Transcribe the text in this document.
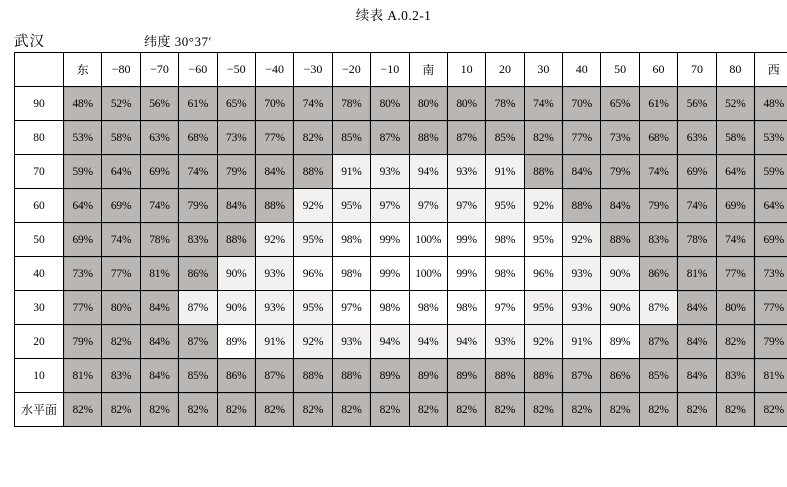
续表 A.0.2-1
武汉	纬度 30°37′
	东	−80	−70	−60	−50	−40	−30	−20	−10	南	10	20	30	40	50	60	70	80	西
90	48%	52%	56%	61%	65%	70%	74%	78%	80%	80%	80%	78%	74%	70%	65%	61%	56%	52%	48%
80	53%	58%	63%	68%	73%	77%	82%	85%	87%	88%	87%	85%	82%	77%	73%	68%	63%	58%	53%
70	59%	64%	69%	74%	79%	84%	88%	91%	93%	94%	93%	91%	88%	84%	79%	74%	69%	64%	59%
60	64%	69%	74%	79%	84%	88%	92%	95%	97%	97%	97%	95%	92%	88%	84%	79%	74%	69%	64%
50	69%	74%	78%	83%	88%	92%	95%	98%	99%	100%	99%	98%	95%	92%	88%	83%	78%	74%	69%
40	73%	77%	81%	86%	90%	93%	96%	98%	99%	100%	99%	98%	96%	93%	90%	86%	81%	77%	73%
30	77%	80%	84%	87%	90%	93%	95%	97%	98%	98%	98%	97%	95%	93%	90%	87%	84%	80%	77%
20	79%	82%	84%	87%	89%	91%	92%	93%	94%	94%	94%	93%	92%	91%	89%	87%	84%	82%	79%
10	81%	83%	84%	85%	86%	87%	88%	88%	89%	89%	89%	88%	88%	87%	86%	85%	84%	83%	81%
水平面	82%	82%	82%	82%	82%	82%	82%	82%	82%	82%	82%	82%	82%	82%	82%	82%	82%	82%	82%
